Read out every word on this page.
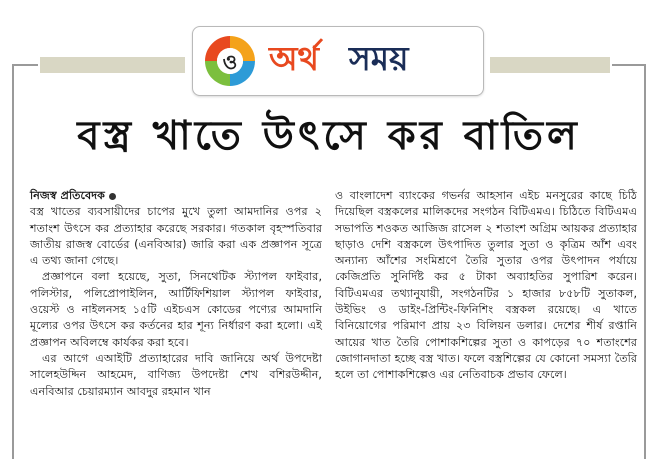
ও অর্থ সময়
বস্ত্র খাতে উৎসে কর বাতিল

নিজস্ব প্রতিবেদক

বস্ত্র খাতের ব্যবসায়ীদের চাপের মুখে তুলা আমদানির ওপর ২ শতাংশ উৎসে কর প্রত্যাহার করেছে সরকার। গতকাল বৃহস্পতিবার জাতীয় রাজস্ব বোর্ডের (এনবিআর) জারি করা এক প্রজ্ঞাপন সূত্রে এ তথ্য জানা গেছে।

প্রজ্ঞাপনে বলা হয়েছে, সুতা, সিনথেটিক স্ট্যাপল ফাইবার, পলিস্টার, পলিপ্রোপাইলিন, আর্টিফিশিয়াল স্ট্যাপল ফাইবার, ওয়েস্ট ও নাইলনসহ ১৫টি এইচএস কোডের পণ্যের আমদানি মূল্যের ওপর উৎসে কর কর্তনের হার শূন্য নির্ধারণ করা হলো। এই প্রজ্ঞাপন অবিলম্বে কার্যকর করা হবে।

এর আগে এআইটি প্রত্যাহারের দাবি জানিয়ে অর্থ উপদেষ্টা সালেহউদ্দিন আহমেদ, বাণিজ্য উপদেষ্টা শেখ বশিরউদ্দীন, এনবিআর চেয়ারম্যান আবদুর রহমান খান

ও বাংলাদেশ ব্যাংকের গভর্নর আহসান এইচ মনসুরের কাছে চিঠি দিয়েছিল বস্ত্রকলের মালিকদের সংগঠন বিটিএমএ। চিঠিতে বিটিএমএ সভাপতি শওকত আজিজ রাসেল ২ শতাংশ অগ্রিম আয়কর প্রত্যাহার ছাড়াও দেশি বস্ত্রকলে উৎপাদিত তুলার সুতা ও কৃত্রিম আঁশ এবং অন্যান্য আঁশের সংমিশ্রণে তৈরি সুতার ওপর উৎপাদন পর্যায়ে কেজিপ্রতি সুনির্দিষ্ট কর ৫ টাকা অব্যাহতির সুপারিশ করেন। বিটিএমএর তথ্যানুযায়ী, সংগঠনটির ১ হাজার ৮৫৮টি সুতাকল, উইভিং ও ডাইং-প্রিন্টিং-ফিনিশিং বস্ত্রকল রয়েছে। এ খাতে বিনিয়োগের পরিমাণ প্রায় ২৩ বিলিয়ন ডলার। দেশের শীর্ষ রপ্তানি আয়ের খাত তৈরি পোশাকশিল্পের সুতা ও কাপড়ের ৭০ শতাংশের জোগানদাতা হচ্ছে বস্ত্র খাত। ফলে বস্ত্রশিল্পের যে কোনো সমস্যা তৈরি হলে তা পোশাকশিল্পেও এর নেতিবাচক প্রভাব ফেলে।
